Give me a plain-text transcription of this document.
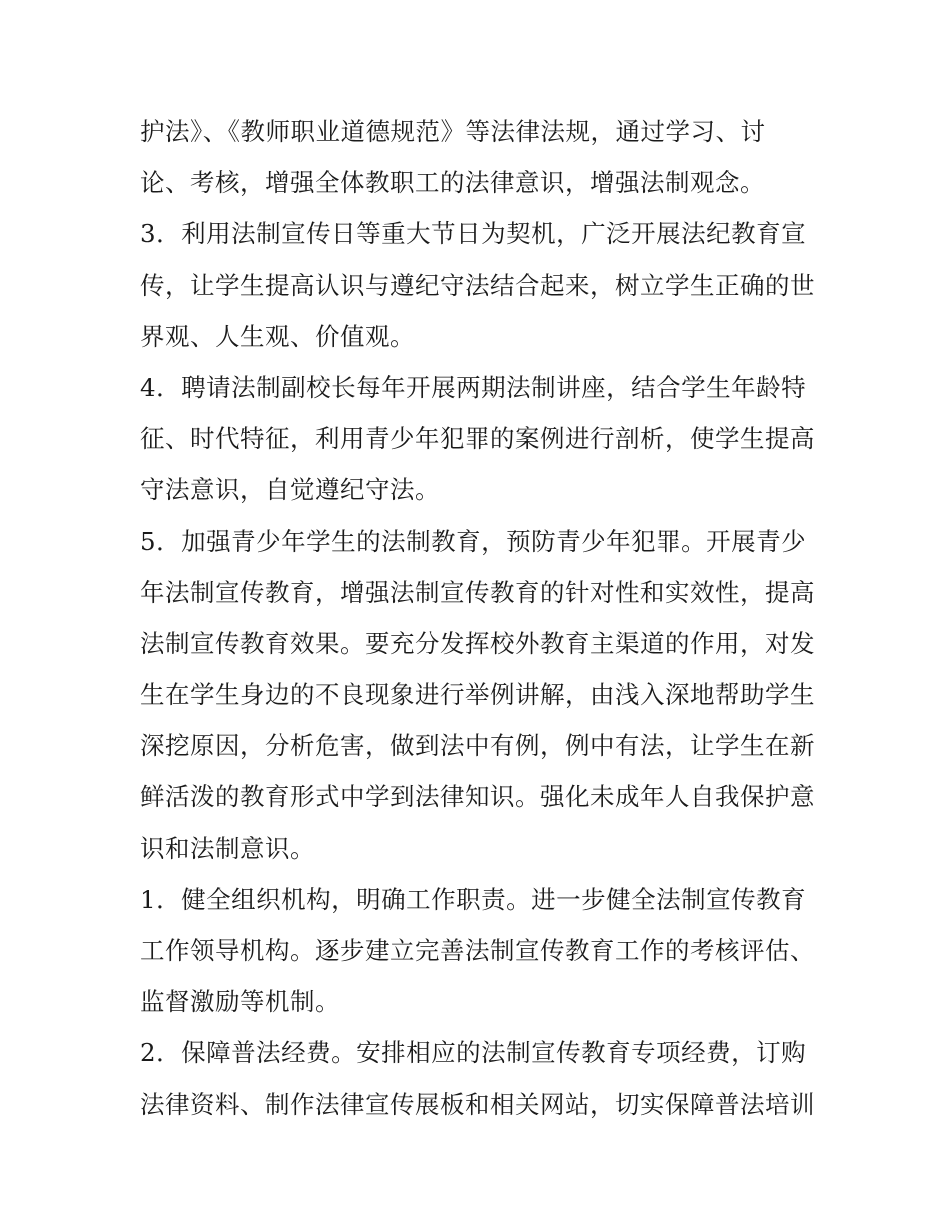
护法》、《教师职业道德规范》等法律法规，通过学习、讨
论、考核，增强全体教职工的法律意识，增强法制观念。
3．利用法制宣传日等重大节日为契机，广泛开展法纪教育宣
传，让学生提高认识与遵纪守法结合起来，树立学生正确的世
界观、人生观、价值观。
4．聘请法制副校长每年开展两期法制讲座，结合学生年龄特
征、时代特征，利用青少年犯罪的案例进行剖析，使学生提高
守法意识，自觉遵纪守法。
5．加强青少年学生的法制教育，预防青少年犯罪。开展青少
年法制宣传教育，增强法制宣传教育的针对性和实效性，提高
法制宣传教育效果。要充分发挥校外教育主渠道的作用，对发
生在学生身边的不良现象进行举例讲解，由浅入深地帮助学生
深挖原因，分析危害，做到法中有例，例中有法，让学生在新
鲜活泼的教育形式中学到法律知识。强化未成年人自我保护意
识和法制意识。
1．健全组织机构，明确工作职责。进一步健全法制宣传教育
工作领导机构。逐步建立完善法制宣传教育工作的考核评估、
监督激励等机制。
2．保障普法经费。安排相应的法制宣传教育专项经费，订购
法律资料、制作法律宣传展板和相关网站，切实保障普法培训
